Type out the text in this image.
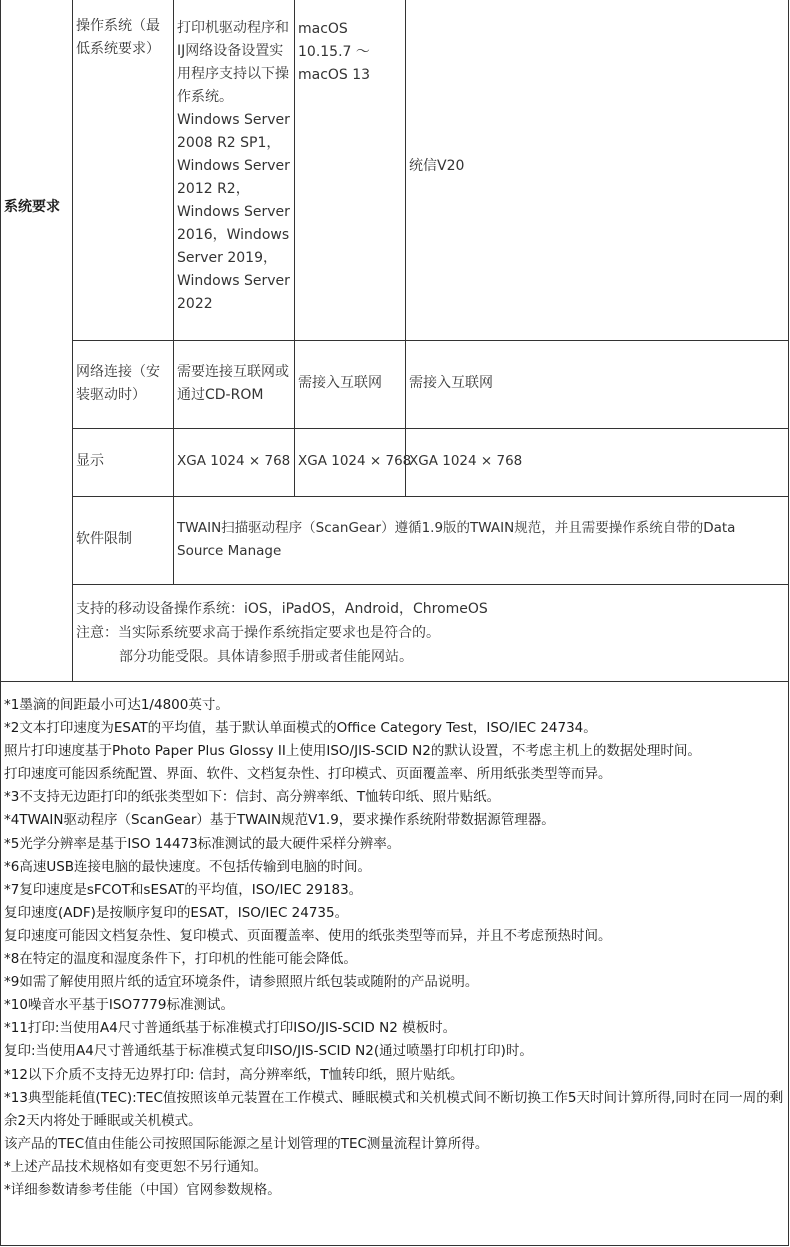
系统要求
操作系统（最低系统要求）
打印机驱动程序和IJ网络设备设置实用程序支持以下操作系统。 Windows Server 2008 R2 SP1，Windows Server 2012 R2，Windows Server 2016，Windows Server 2019，Windows Server 2022
macOS 10.15.7 ～ macOS 13
统信V20
网络连接（安装驱动时）
需要连接互联网或通过CD-ROM
需接入互联网 需接入互联网
显示	XGA 1024 × 768 XGA 1024 × 768
XGA 1024 × 768
软件限制
TWAIN扫描驱动程序（ScanGear）遵循1.9版的TWAIN规范，并且需要操作系统自带的Data Source Manage
支持的移动设备操作系统：iOS，iPadOS，Android，ChromeOS
注意：当实际系统要求高于操作系统指定要求也是符合的。
部分功能受限。具体请参照手册或者佳能网站。
*1墨滴的间距最小可达1/4800英寸。
*2文本打印速度为ESAT的平均值，基于默认单面模式的Office Category Test，ISO/IEC 24734。
照片打印速度基于Photo Paper Plus Glossy II上使用ISO/JIS-SCID N2的默认设置，不考虑主机上的数据处理时间。
打印速度可能因系统配置、界面、软件、文档复杂性、打印模式、页面覆盖率、所用纸张类型等而异。
*3不支持无边距打印的纸张类型如下：信封、高分辨率纸、T恤转印纸、照片贴纸。
*4TWAIN驱动程序（ScanGear）基于TWAIN规范V1.9，要求操作系统附带数据源管理器。
*5光学分辨率是基于ISO 14473标准测试的最大硬件采样分辨率。
*6高速USB连接电脑的最快速度。不包括传输到电脑的时间。
*7复印速度是sFCOT和sESAT的平均值，ISO/IEC 29183。
复印速度(ADF)是按顺序复印的ESAT，ISO/IEC 24735。
复印速度可能因文档复杂性、复印模式、页面覆盖率、使用的纸张类型等而异，并且不考虑预热时间。
*8在特定的温度和湿度条件下，打印机的性能可能会降低。
*9如需了解使用照片纸的适宜环境条件，请参照照片纸包装或随附的产品说明。
*10噪音水平基于ISO7779标准测试。
*11打印:当使用A4尺寸普通纸基于标准模式打印ISO/JIS-SCID N2 模板时。
复印:当使用A4尺寸普通纸基于标准模式复印ISO/JIS-SCID N2(通过喷墨打印机打印)时。
*12以下介质不支持无边界打印: 信封，高分辨率纸，T恤转印纸，照片贴纸。
*13典型能耗值(TEC):TEC值按照该单元装置在工作模式、睡眠模式和关机模式间不断切换工作5天时间计算所得,同时在同一周的剩余2天内将处于睡眠或关机模式。
该产品的TEC值由佳能公司按照国际能源之星计划管理的TEC测量流程计算所得。
*上述产品技术规格如有变更恕不另行通知。
*详细参数请参考佳能（中国）官网参数规格。
